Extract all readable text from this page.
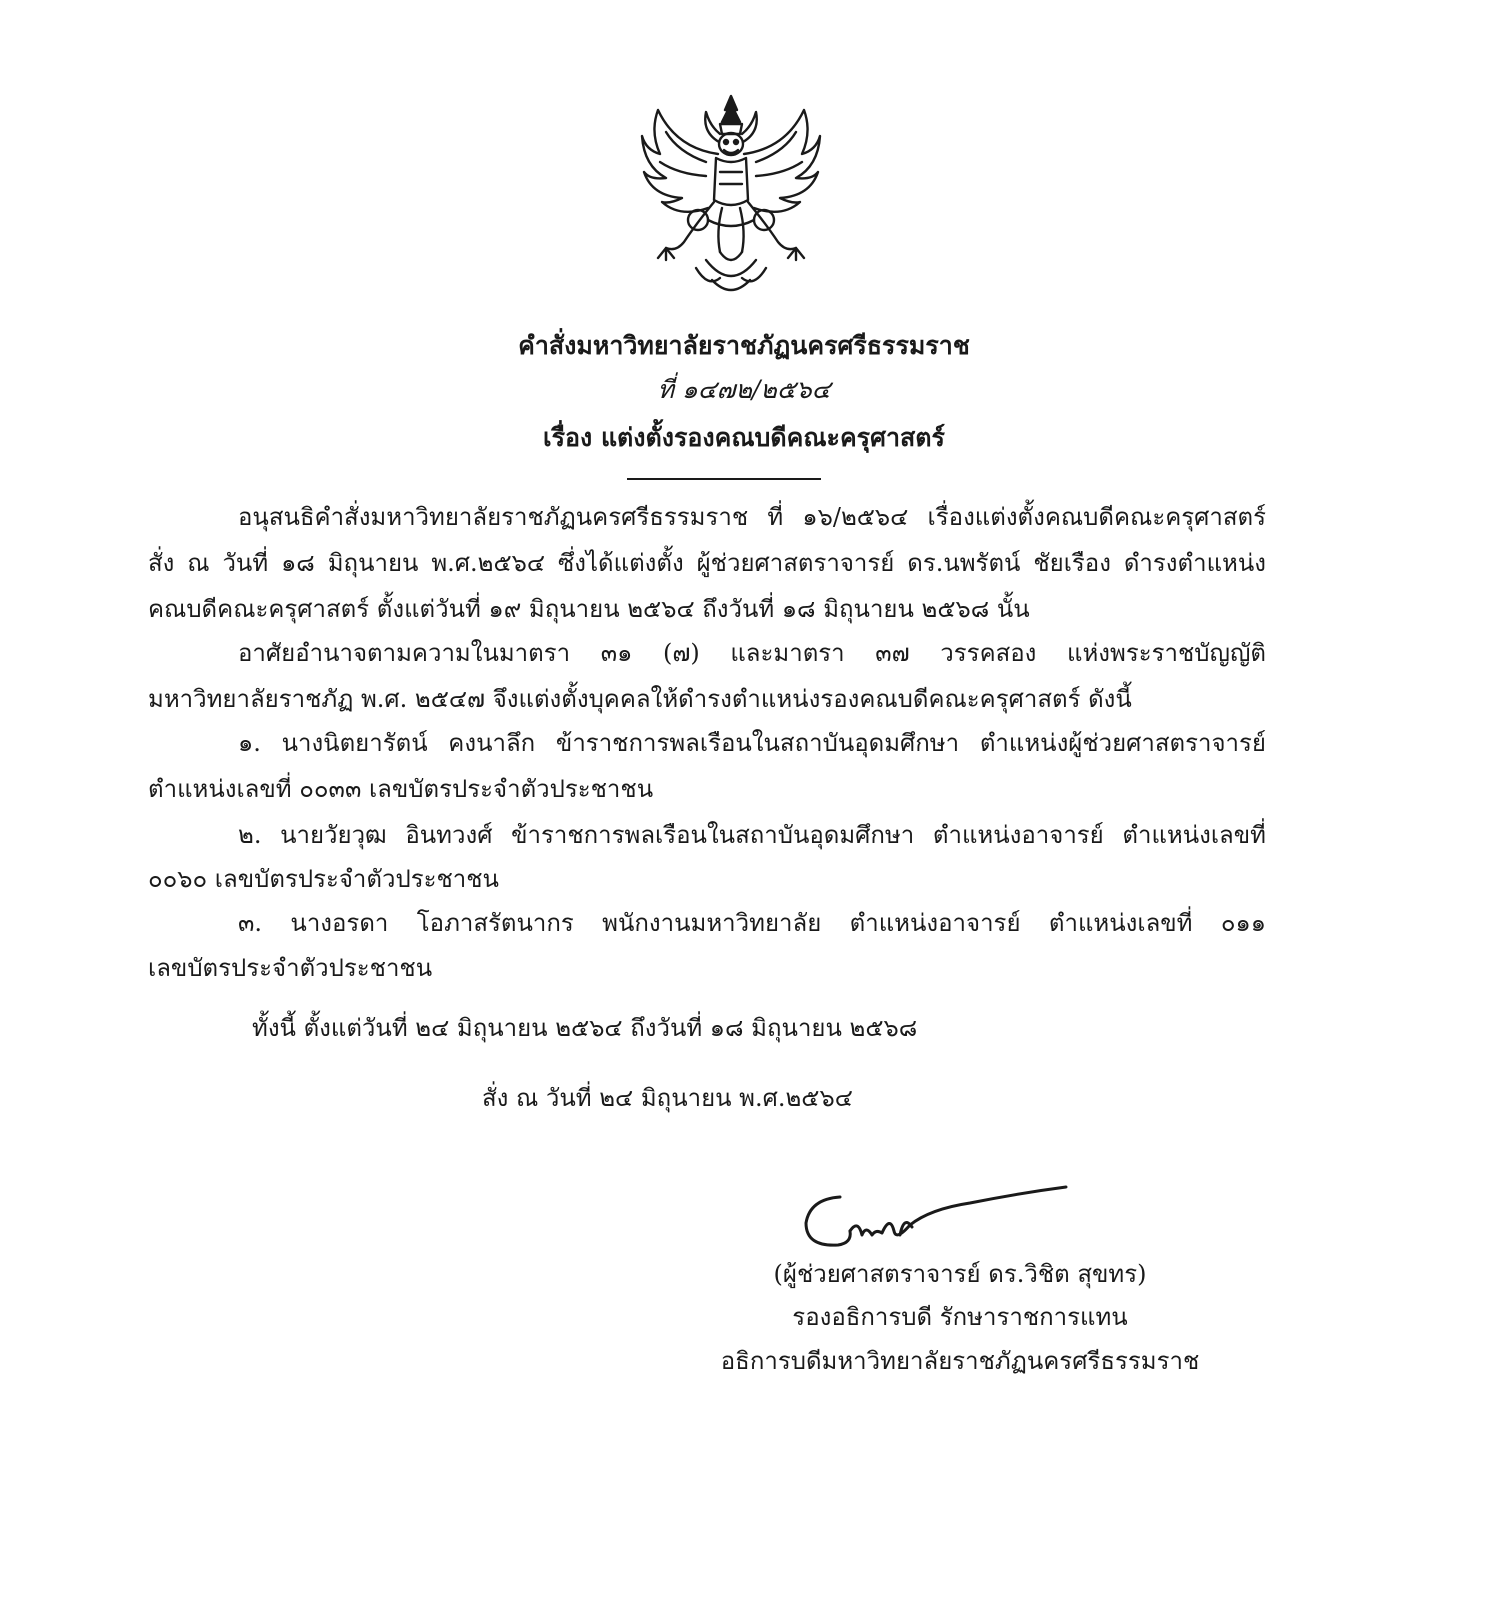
คำสั่งมหาวิทยาลัยราชภัฏนครศรีธรรมราช
ที่ ๑๔๗๒/๒๕๖๔
เรื่อง แต่งตั้งรองคณบดีคณะครุศาสตร์
อนุสนธิคำสั่งมหาวิทยาลัยราชภัฏนครศรีธรรมราช ที่ ๑๖/๒๕๖๔ เรื่องแต่งตั้งคณบดีคณะครุศาสตร์
สั่ง ณ วันที่ ๑๘ มิถุนายน พ.ศ.๒๕๖๔ ซึ่งได้แต่งตั้ง ผู้ช่วยศาสตราจารย์ ดร.นพรัตน์ ชัยเรือง ดำรงตำแหน่ง
คณบดีคณะครุศาสตร์ ตั้งแต่วันที่ ๑๙ มิถุนายน ๒๕๖๔ ถึงวันที่ ๑๘ มิถุนายน ๒๕๖๘ นั้น
อาศัยอำนาจตามความในมาตรา ๓๑ (๗) และมาตรา ๓๗ วรรคสอง แห่งพระราชบัญญัติ
มหาวิทยาลัยราชภัฏ พ.ศ. ๒๕๔๗ จึงแต่งตั้งบุคคลให้ดำรงตำแหน่งรองคณบดีคณะครุศาสตร์ ดังนี้
๑. นางนิตยารัตน์ คงนาลึก ข้าราชการพลเรือนในสถาบันอุดมศึกษา ตำแหน่งผู้ช่วยศาสตราจารย์
ตำแหน่งเลขที่ ๐๐๓๓ เลขบัตรประจำตัวประชาชน
๒. นายวัยวุฒ อินทวงศ์ ข้าราชการพลเรือนในสถาบันอุดมศึกษา ตำแหน่งอาจารย์ ตำแหน่งเลขที่
๐๐๖๐ เลขบัตรประจำตัวประชาชน
๓. นางอรดา โอภาสรัตนากร พนักงานมหาวิทยาลัย ตำแหน่งอาจารย์ ตำแหน่งเลขที่ ๐๑๑
เลขบัตรประจำตัวประชาชน
ทั้งนี้ ตั้งแต่วันที่ ๒๔ มิถุนายน ๒๕๖๔ ถึงวันที่ ๑๘ มิถุนายน ๒๕๖๘
สั่ง ณ วันที่ ๒๔ มิถุนายน พ.ศ.๒๕๖๔
(ผู้ช่วยศาสตราจารย์ ดร.วิชิต สุขทร)
รองอธิการบดี รักษาราชการแทน
อธิการบดีมหาวิทยาลัยราชภัฏนครศรีธรรมราช
